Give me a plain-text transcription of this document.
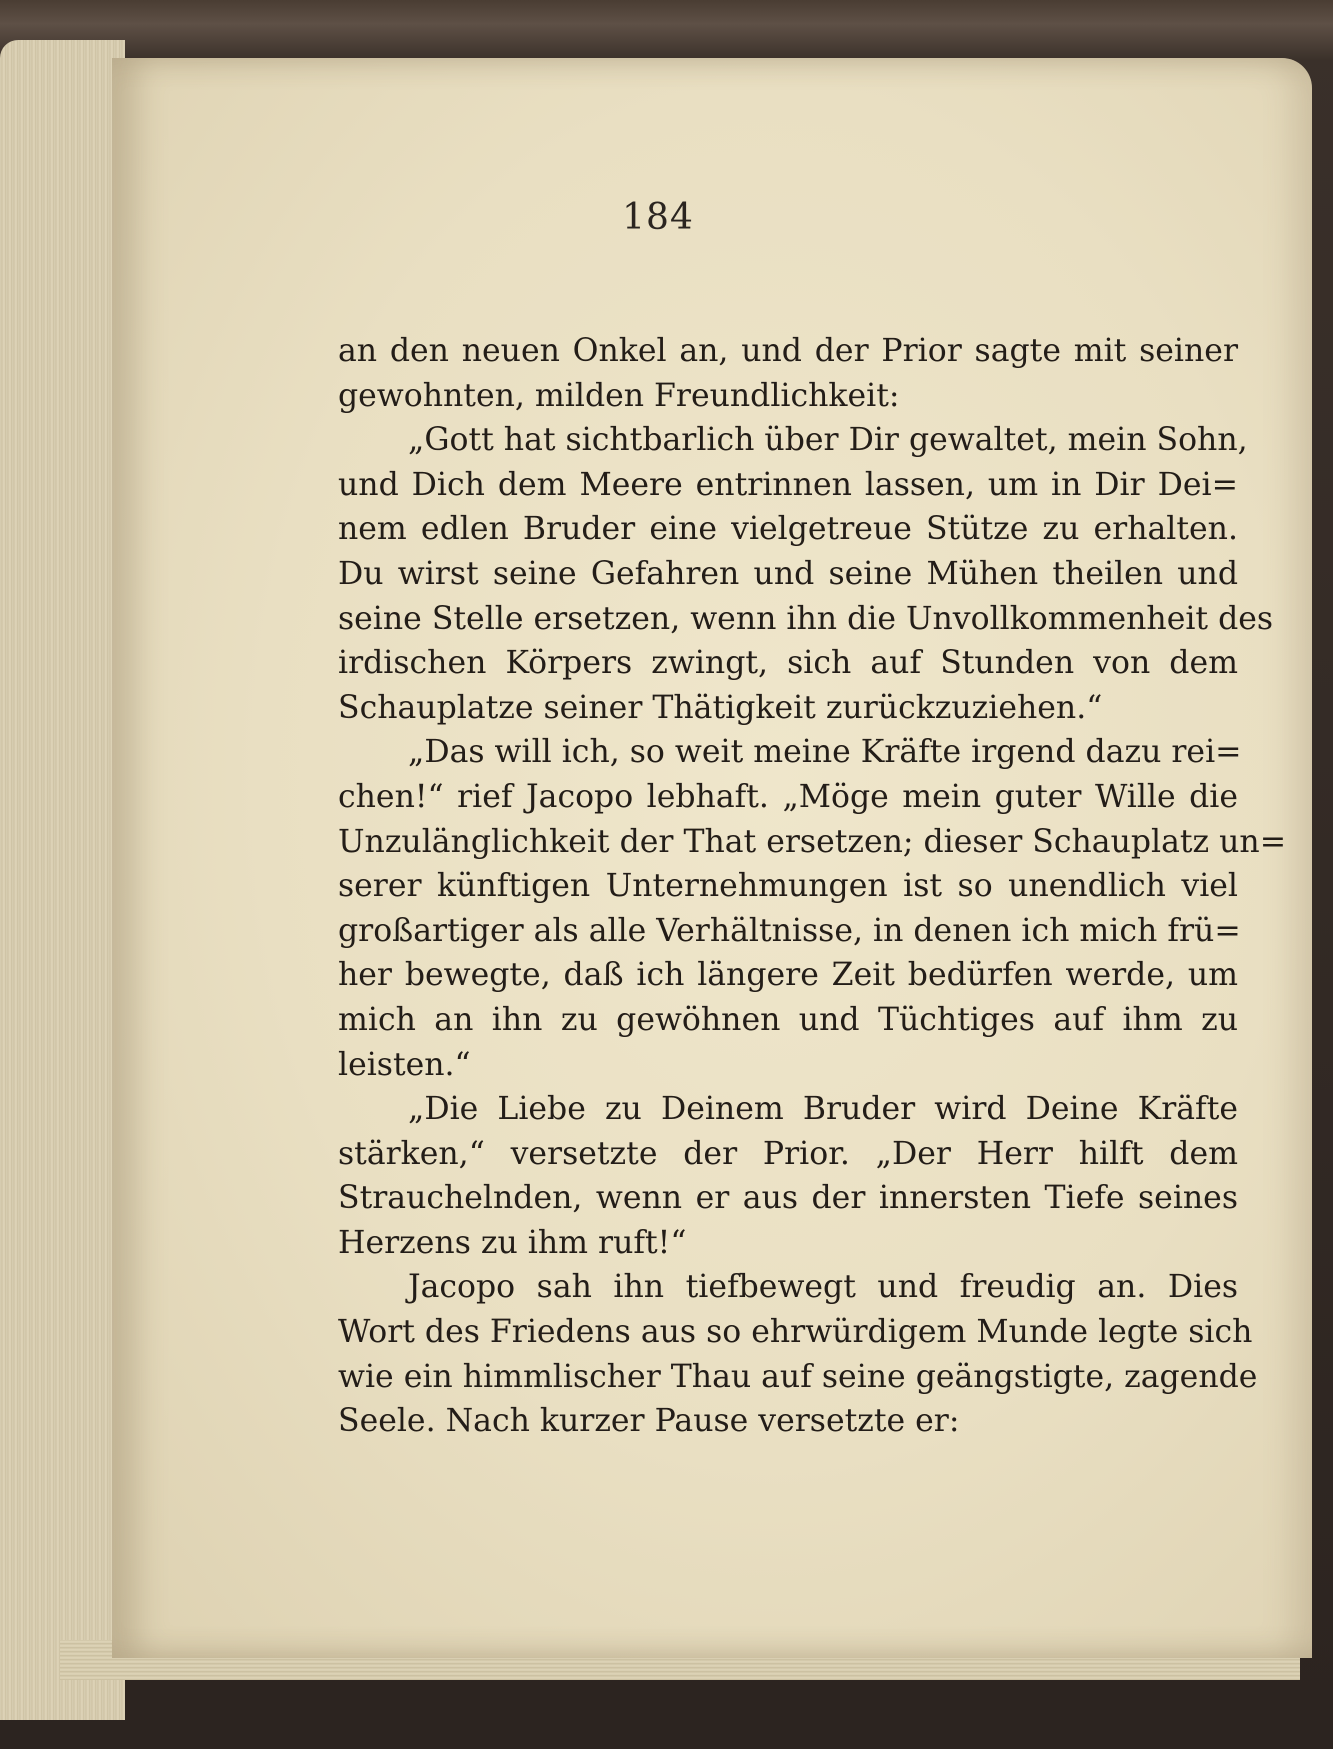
184
an den neuen Onkel an, und der Prior sagte mit seiner
gewohnten, milden Freundlichkeit:
„Gott hat sichtbarlich über Dir gewaltet, mein Sohn,
und Dich dem Meere entrinnen lassen, um in Dir Dei=
nem edlen Bruder eine vielgetreue Stütze zu erhalten.
Du wirst seine Gefahren und seine Mühen theilen und
seine Stelle ersetzen, wenn ihn die Unvollkommenheit des
irdischen Körpers zwingt, sich auf Stunden von dem
Schauplatze seiner Thätigkeit zurückzuziehen.“
„Das will ich, so weit meine Kräfte irgend dazu rei=
chen!“ rief Jacopo lebhaft. „Möge mein guter Wille die
Unzulänglichkeit der That ersetzen; dieser Schauplatz un=
serer künftigen Unternehmungen ist so unendlich viel
großartiger als alle Verhältnisse, in denen ich mich frü=
her bewegte, daß ich längere Zeit bedürfen werde, um
mich an ihn zu gewöhnen und Tüchtiges auf ihm zu
leisten.“
„Die Liebe zu Deinem Bruder wird Deine Kräfte
stärken,“ versetzte der Prior. „Der Herr hilft dem
Strauchelnden, wenn er aus der innersten Tiefe seines
Herzens zu ihm ruft!“
Jacopo sah ihn tiefbewegt und freudig an. Dies
Wort des Friedens aus so ehrwürdigem Munde legte sich
wie ein himmlischer Thau auf seine geängstigte, zagende
Seele. Nach kurzer Pause versetzte er:
